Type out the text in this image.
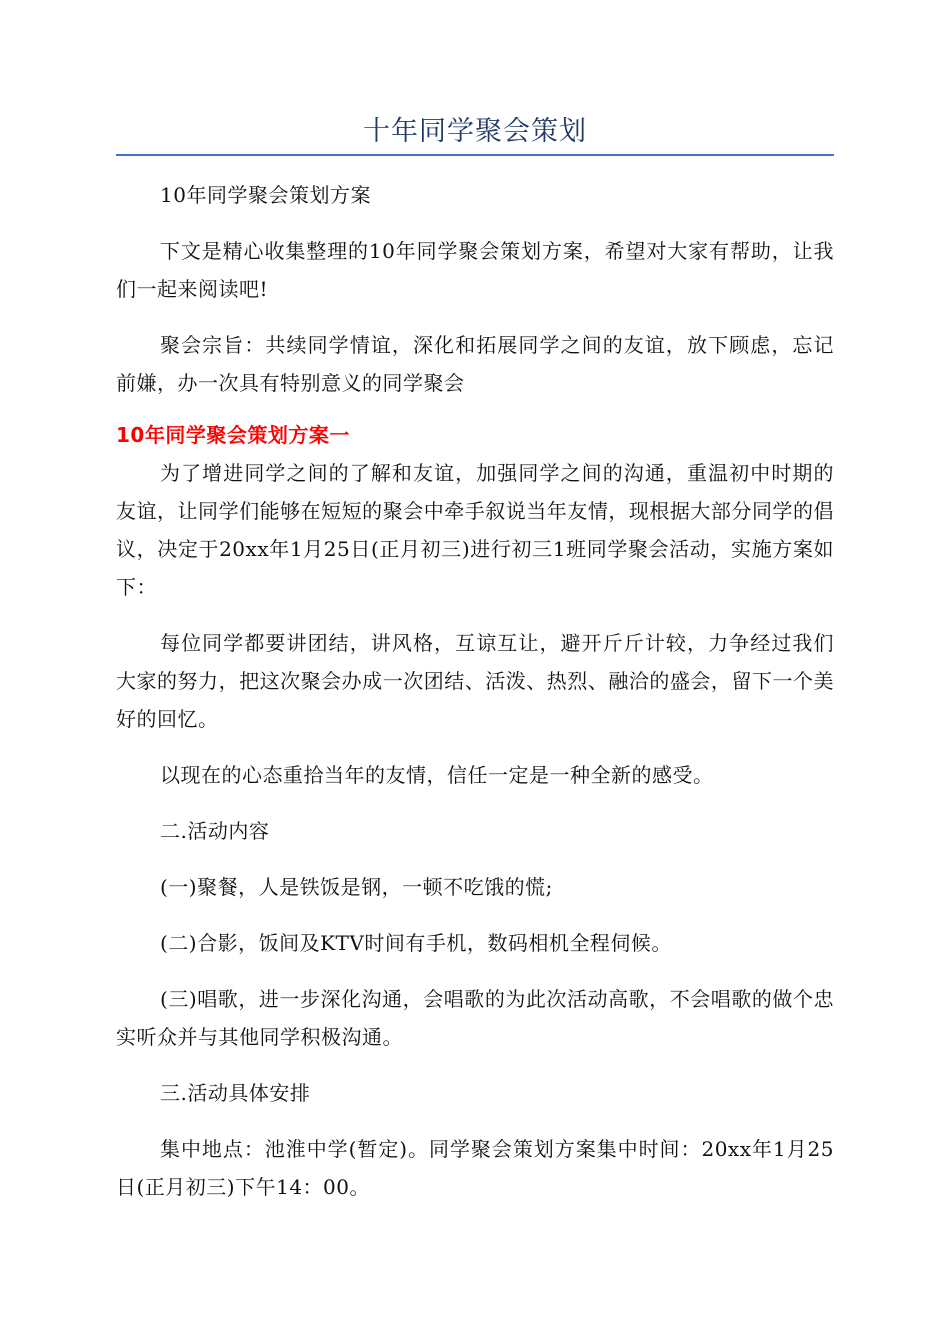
十年同学聚会策划

10年同学聚会策划方案

下文是精心收集整理的10年同学聚会策划方案，希望对大家有帮助，让我们一起来阅读吧!

聚会宗旨：共续同学情谊，深化和拓展同学之间的友谊，放下顾虑，忘记前嫌，办一次具有特别意义的同学聚会

10年同学聚会策划方案一

为了增进同学之间的了解和友谊，加强同学之间的沟通，重温初中时期的友谊，让同学们能够在短短的聚会中牵手叙说当年友情，现根据大部分同学的倡议，决定于20xx年1月25日(正月初三)进行初三1班同学聚会活动，实施方案如下：

每位同学都要讲团结，讲风格，互谅互让，避开斤斤计较，力争经过我们大家的努力，把这次聚会办成一次团结、活泼、热烈、融洽的盛会，留下一个美好的回忆。

以现在的心态重拾当年的友情，信任一定是一种全新的感受。

二.活动内容

(一)聚餐，人是铁饭是钢，一顿不吃饿的慌;

(二)合影，饭间及KTV时间有手机，数码相机全程伺候。

(三)唱歌，进一步深化沟通，会唱歌的为此次活动高歌，不会唱歌的做个忠实听众并与其他同学积极沟通。

三.活动具体安排

集中地点：池淮中学(暂定)。同学聚会策划方案集中时间：20xx年1月25日(正月初三)下午14：00。
